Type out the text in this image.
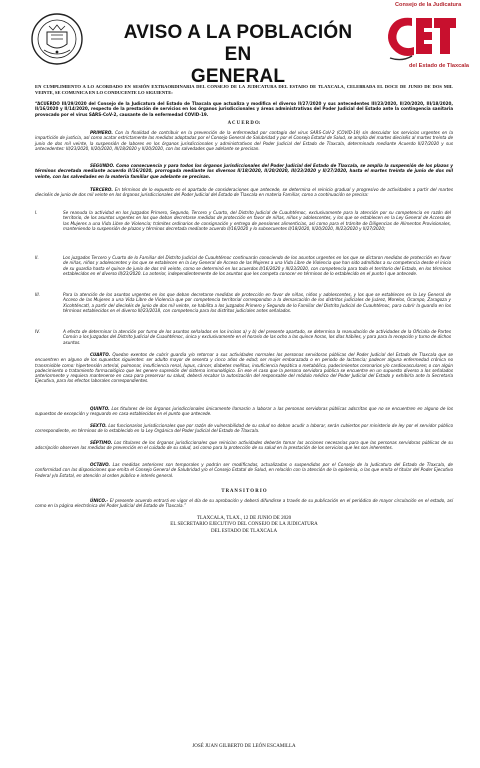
AVISO A LA POBLACIÓN EN
GENERAL
Consejo de la Judicatura
del Estado de Tlaxcala

EN CUMPLIMIENTO A LO ACORDADO EN SESIÓN EXTRAORDINARIA DEL CONSEJO DE LA JUDICATURA DEL ESTADO DE TLAXCALA, CELEBRADA EL DOCE DE JUNIO DE DOS MIL VEINTE, SE COMUNICA EN LO CONDUCENTE LO SIGUIENTE:

“ACUERDO III/29/2020 del Consejo de la Judicatura del Estado de Tlaxcala que actualiza y modifica el diverso II/27/2020 y sus antecedentes III/23/2020, II/20/2020, III/18/2020, II/16/2020 y II/14/2020, respecto de la prestación de servicios en los órganos jurisdiccionales y áreas administrativas del Poder Judicial del Estado ante la contingencia sanitaria provocado por el virus SARS-CoV-2, causante de la enfermedad COVID-19.

A C U E R D O:

PRIMERO. Con la finalidad de contribuir en la prevención de la enfermedad por contagio del virus SARS-CoV-2 (COVID-19) sin descuidar los servicios urgentes en la impartición de justicia, así como acatar estrictamente las medidas adoptadas por el Consejo General de Salubridad y por el Consejo Estatal de Salud, se amplía del martes dieciséis al martes treinta de junio de dos mil veinte, la suspensión de labores en los órganos jurisdiccionales y administrativos del Poder Judicial del Estado de Tlaxcala, determinada mediante Acuerdo II/27/2020 y sus antecedentes: III/23/2020, II/20/2020, III/18/2020 y II/20/2020, con las salvedades que adelante se precisan.

SEGUNDO. Como consecuencia y para todos los órganos jurisdiccionales del Poder Judicial del Estado de Tlaxcala, se amplía la suspensión de los plazos y términos decretada mediante acuerdo II/16/2020, prorrogada mediante los diversos II/18/2020, II/20/2020, III/23/2020 y II/27/2020, hasta el martes treinta de junio de dos mil veinte, con las salvedades en la materia familiar que adelante se precisan.

TERCERO. En términos de lo expuesto en el apartado de consideraciones que antecede, se determina el reinicio gradual y progresivo de actividades a partir del martes dieciséis de junio de dos mil veinte en los órganos jurisdiccionales del Poder Judicial del Estado de Tlaxcala en materia Familiar, como a continuación se precisa:

I.	Se reanuda la actividad en los Juzgados Primero, Segundo, Tercero y Cuarto, del Distrito Judicial de Cuauhtémoc, exclusivamente para la atención por su competencia en razón del territorio, de los asuntos urgentes en los que deban decretarse medidas de protección en favor de niñas, niños y adolescentes, y los que se establecen en la Ley General de Acceso de las Mujeres a una Vida Libre de Violencia; trámites ordinarios de consignación y entrega de pensiones alimenticias, así como para el trámite de Diligencias de Alimentos Provisionales, manteniendo la suspensión de plazos y términos decretada mediante acuerdo II/16/2020 y lo subsecuentes II/18/2020, II/20/2020, III/23/2020 y II/27/2020;

II.	Los juzgados Tercero y Cuarto de lo Familiar del Distrito Judicial de Cuauhtémoc continuarán conociendo de los asuntos urgentes en los que se dictaron medidas de protección en favor de niñas, niños y adolescentes y los que se establecen en la Ley General de Acceso de las Mujeres a una Vida Libre de Violencia que han sido admitidos a su competencia desde el inicio de su guardia hasta el quince de junio de dos mil veinte, como se determinó en los acuerdos II/16/2020 y III/23/2020, con competencia para todo el territorio del Estado, en los términos establecidos en el diverso III/23/2020. Lo anterior, independientemente de los asuntos que les competa conocer en términos de lo establecido en el punto I que antecede.

III.	Para la atención de los asuntos urgentes en los que deban decretarse medidas de protección en favor de niñas, niños y adolescentes, y los que se establecen en la Ley General de Acceso de las Mujeres a una Vida Libre de Violencia que por competencia territorial correspondan a la demarcación de los distritos judiciales de Juárez, Morelos, Ocampo, Zaragoza y Xicohténcatl, a partir del dieciséis de junio de dos mil veinte, se habilita a los juzgados Primero y Segundo de lo Familiar del Distrito Judicial de Cuauhtémoc, para cubrir la guardia en los términos establecidos en el diverso III/23/2018, con competencia para los distritos judiciales antes señalados.

IV.	A efecto de determinar la atención por turno de los asuntos señalados en los incisos a) y b) del presente apartado, se determina la reanudación de actividades de la Oficialía de Partes Común a los Juzgados del Distrito Judicial de Cuauhtémoc, única y exclusivamente en el horario de las ocho a las quince horas, los días hábiles, y para para la recepción y turno de dichos asuntos.

CUARTO. Quedan exentos de cubrir guardia y/o retornar a sus actividades normales los personas servidoras públicas del Poder Judicial del Estado de Tlaxcala que se encuentren en alguno de los supuestos siguientes: ser adulto mayor de sesenta y cinco años de edad; ser mujer embarazada o en periodo de lactancia; padecer alguna enfermedad crónica no transmisible como: hipertensión arterial, pulmonar, insuficiencia renal, lupus, cáncer, diabetes mellitus, insuficiencia hepática o metabólica, padecimientos coronarios y/o cardiovasculares; o con algún padecimiento o tratamiento farmacológico que les genere supresión del sistema inmunológico. En ese el caso que la persona servidora pública se encuentre en un supuesto diverso a los señalados anteriormente y requiera mantenerse en casa para preservar su salud, deberá recabar la autorización del responsable del módulo médico del Poder Judicial del Estado y exhibirla ante la Secretaría Ejecutiva, para los efectos laborales correspondientes.

QUINTO. Los titulares de los órganos jurisdiccionales únicamente llamarán a laborar a las personas servidoras públicas adscritas que no se encuentren en alguno de los supuestos de excepción y resguardo en casa establecidos en el punto que antecede.

SEXTO. Los funcionarios jurisdiccionales que por razón de vulnerabilidad de su salud no deban acudir a laborar, serán cubiertos por ministerio de ley por el servidor público correspondiente, en términos de lo establecido en la Ley Orgánica del Poder Judicial del Estado de Tlaxcala.

SÉPTIMO. Los titulares de los órganos jurisdiccionales que reinician actividades deberán tomar las acciones necesarias para que las personas servidoras públicas de su adscripción observen las medidas de prevención en el cuidado de su salud, así como para la protección de su salud en la prestación de los servicios que les son inherentes.

OCTAVO. Las medidas anteriores son temporales y podrán ser modificadas, actualizadas o suspendidas por el Consejo de la Judicatura del Estado de Tlaxcala, de conformidad con las disposiciones que emita el Consejo General de Salubridad y/o el Consejo Estatal de Salud, en relación con la atención de la epidemia, o las que emita el titular del Poder Ejecutivo Federal y/o Estatal, en atención al orden público e interés general.

T R A N S I T O R I O

ÚNICO.- El presente acuerdo entrará en vigor el día de su aprobación y deberá difundirse a través de su publicación en el periódico de mayor circulación en el estado, así como en la página electrónica del Poder Judicial del Estado de Tlaxcala.”

TLAXCALA, TLAX., 12 DE JUNIO DE 2020
EL SECRETARIO EJECUTIVO DEL CONSEJO DE LA JUDICATURA
DEL ESTADO DE TLAXCALA
JOSÉ JUAN GILBERTO DE LEÓN ESCAMILLA
